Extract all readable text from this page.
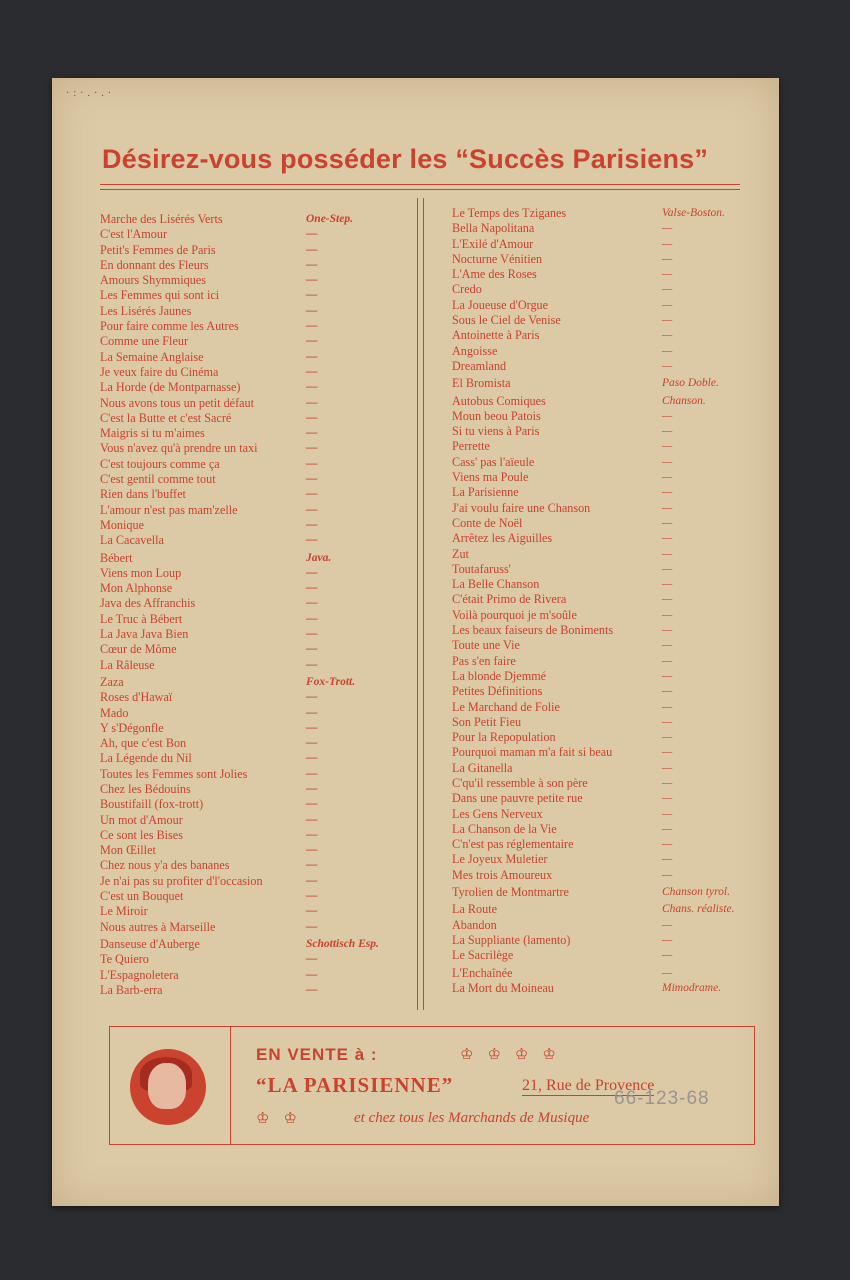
·:·.·.·
Désirez-vous posséder les “Succès Parisiens”
Marche des Lisérés Verts	One-Step.
C'est l'Amour	—
Petit's Femmes de Paris	—
En donnant des Fleurs	—
Amours Shymmiques	—
Les Femmes qui sont ici	—
Les Lisérés Jaunes	—
Pour faire comme les Autres	—
Comme une Fleur	—
La Semaine Anglaise	—
Je veux faire du Cinéma	—
La Horde (de Montparnasse)	—
Nous avons tous un petit défaut	—
C'est la Butte et c'est Sacré	—
Maigris si tu m'aimes	—
Vous n'avez qu'à prendre un taxi	—
C'est toujours comme ça	—
C'est gentil comme tout	—
Rien dans l'buffet	—
L'amour n'est pas mam'zelle	—
Monique	—
La Cacavella	—
Bébert	Java.
Viens mon Loup	—
Mon Alphonse	—
Java des Affranchis	—
Le Truc à Bébert	—
La Java Java Bien	—
Cœur de Môme	—
La Râleuse	—
Zaza	Fox-Trott.
Roses d'Hawaï	—
Mado	—
Y s'Dégonfle	—
Ah, que c'est Bon	—
La Légende du Nil	—
Toutes les Femmes sont Jolies	—
Chez les Bédouins	—
Boustifaill (fox-trott)	—
Un mot d'Amour	—
Ce sont les Bises	—
Mon Œillet	—
Chez nous y'a des bananes	—
Je n'ai pas su profiter d'l'occasion	—
C'est un Bouquet	—
Le Miroir	—
Nous autres à Marseille	—
Danseuse d'Auberge	Schottisch Esp.
Te Quiero	—
L'Espagnoletera	—
La Barb-erra	—
Le Temps des Tziganes	Valse-Boston.
Bella Napolitana	—
L'Exilé d'Amour	—
Nocturne Vénitien	—
L'Ame des Roses	—
Credo	—
La Joueuse d'Orgue	—
Sous le Ciel de Venise	—
Antoinette à Paris	—
Angoisse	—
Dreamland	—
El Bromista	Paso Doble.
Autobus Comiques	Chanson.
Moun beou Patois	—
Si tu viens à Paris	—
Perrette	—
Cass' pas l'aïeule	—
Viens ma Poule	—
La Parisienne	—
J'ai voulu faire une Chanson	—
Conte de Noël	—
Arrêtez les Aiguilles	—
Zut	—
Toutafaruss'	—
La Belle Chanson	—
C'était Primo de Rivera	—
Voilà pourquoi je m'soûle	—
Les beaux faiseurs de Boniments	—
Toute une Vie	—
Pas s'en faire	—
La blonde Djemmé	—
Petites Définitions	—
Le Marchand de Folie	—
Son Petit Fieu	—
Pour la Repopulation	—
Pourquoi maman m'a fait si beau	—
La Gitanella	—
C'qu'il ressemble à son père	—
Dans une pauvre petite rue	—
Les Gens Nerveux	—
La Chanson de la Vie	—
C'n'est pas réglementaire	—
Le Joyeux Muletier	—
Mes trois Amoureux	—
Tyrolien de Montmartre	Chanson tyrol.
La Route	Chans. réaliste.
Abandon	—
La Suppliante (lamento)	—
Le Sacrilège	—
L'Enchaînée	—
La Mort du Moineau	Mimodrame.
EN VENTE à :	♔♔♔♔
“LA PARISIENNE”	21, Rue de Provence
♔♔	et chez tous les Marchands de Musique
66-123-68
